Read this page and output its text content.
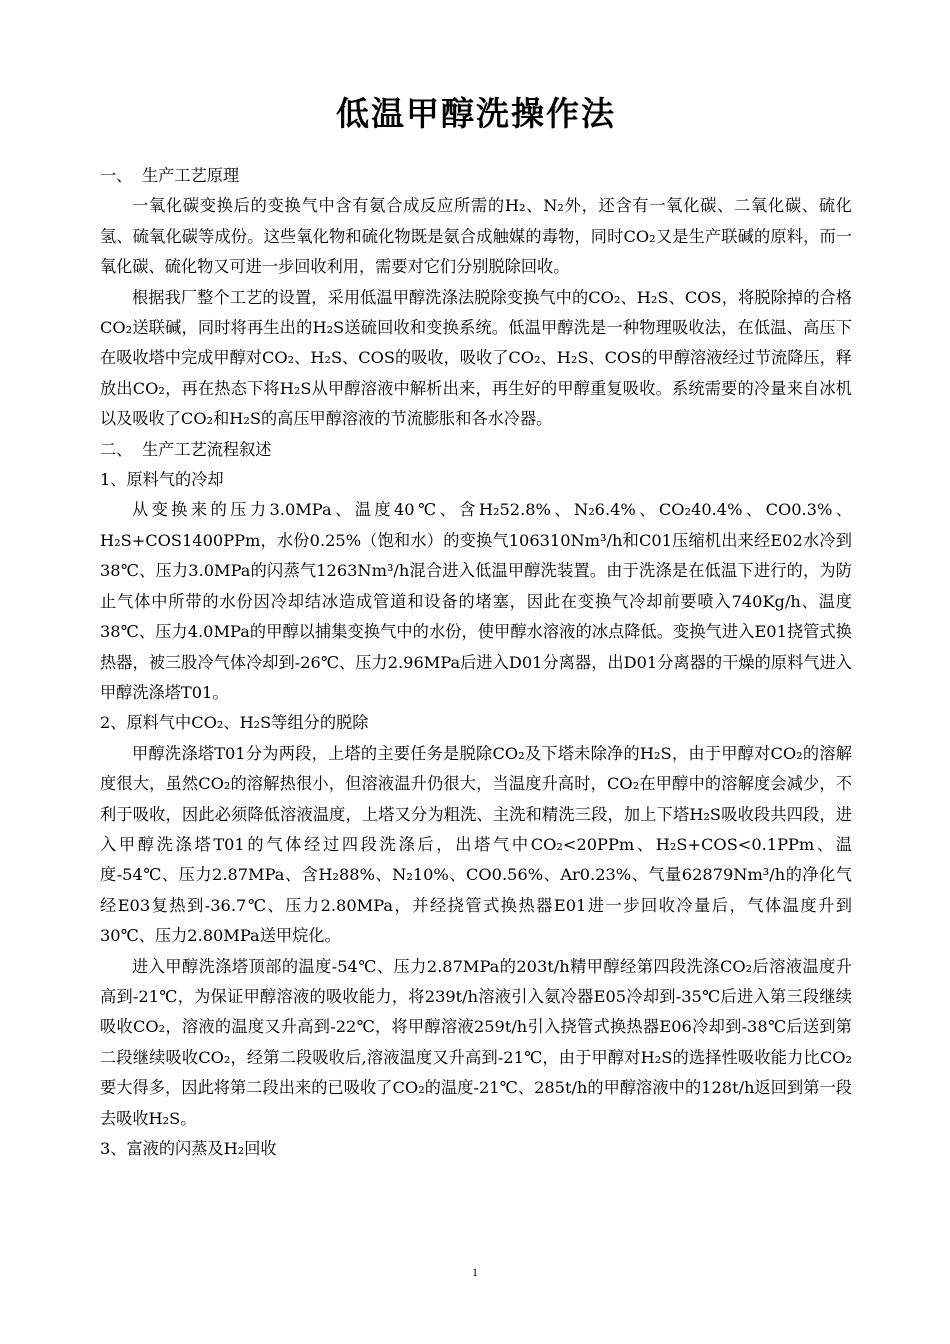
低温甲醇洗操作法
一、 生产工艺原理

一氧化碳变换后的变换气中含有氨合成反应所需的H₂、N₂外，还含有一氧化碳、二氧化碳、硫化氢、硫氧化碳等成份。这些氧化物和硫化物既是氨合成触媒的毒物，同时CO₂又是生产联碱的原料，而一氧化碳、硫化物又可进一步回收利用，需要对它们分别脱除回收。

根据我厂整个工艺的设置，采用低温甲醇洗涤法脱除变换气中的CO₂、H₂S、COS，将脱除掉的合格CO₂送联碱，同时将再生出的H₂S送硫回收和变换系统。低温甲醇洗是一种物理吸收法，在低温、高压下在吸收塔中完成甲醇对CO₂、H₂S、COS的吸收，吸收了CO₂、H₂S、COS的甲醇溶液经过节流降压，释放出CO₂，再在热态下将H₂S从甲醇溶液中解析出来，再生好的甲醇重复吸收。系统需要的冷量来自冰机以及吸收了CO₂和H₂S的高压甲醇溶液的节流膨胀和各水冷器。

二、 生产工艺流程叙述
1、原料气的冷却

从变换来的压力3.0MPa、温度40℃、含H₂52.8%、N₂6.4%、CO₂40.4%、CO0.3%、H₂S+COS1400PPm，水份0.25%（饱和水）的变换气106310Nm³/h和C01压缩机出来经E02水冷到38℃、压力3.0MPa的闪蒸气1263Nm³/h混合进入低温甲醇洗装置。由于洗涤是在低温下进行的，为防止气体中所带的水份因冷却结冰造成管道和设备的堵塞，因此在变换气冷却前要喷入740Kg/h、温度38℃、压力4.0MPa的甲醇以捕集变换气中的水份，使甲醇水溶液的冰点降低。变换气进入E01挠管式换热器，被三股冷气体冷却到-26℃、压力2.96MPa后进入D01分离器，出D01分离器的干燥的原料气进入甲醇洗涤塔T01。

2、原料气中CO₂、H₂S等组分的脱除

甲醇洗涤塔T01分为两段，上塔的主要任务是脱除CO₂及下塔未除净的H₂S，由于甲醇对CO₂的溶解度很大，虽然CO₂的溶解热很小，但溶液温升仍很大，当温度升高时，CO₂在甲醇中的溶解度会减少，不利于吸收，因此必须降低溶液温度，上塔又分为粗洗、主洗和精洗三段，加上下塔H₂S吸收段共四段，进入甲醇洗涤塔T01的气体经过四段洗涤后，出塔气中CO₂<20PPm、H₂S+COS<0.1PPm、温度-54℃、压力2.87MPa、含H₂88%、N₂10%、CO0.56%、Ar0.23%、气量62879Nm³/h的净化气经E03复热到-36.7℃、压力2.80MPa，并经挠管式换热器E01进一步回收冷量后，气体温度升到30℃、压力2.80MPa送甲烷化。

进入甲醇洗涤塔顶部的温度-54℃、压力2.87MPa的203t/h精甲醇经第四段洗涤CO₂后溶液温度升高到-21℃，为保证甲醇溶液的吸收能力，将239t/h溶液引入氨冷器E05冷却到-35℃后进入第三段继续吸收CO₂，溶液的温度又升高到-22℃，将甲醇溶液259t/h引入挠管式换热器E06冷却到-38℃后送到第二段继续吸收CO₂，经第二段吸收后,溶液温度又升高到-21℃，由于甲醇对H₂S的选择性吸收能力比CO₂要大得多，因此将第二段出来的已吸收了CO₂的温度-21℃、285t/h的甲醇溶液中的128t/h返回到第一段去吸收H₂S。

3、富液的闪蒸及H₂回收
1
